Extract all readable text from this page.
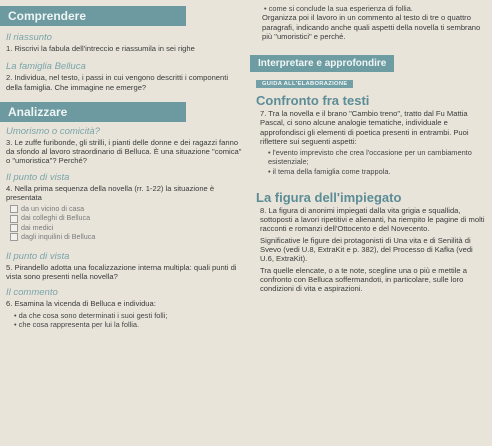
Comprendere
Il riassunto
1. Riscrivi la fabula dell'intreccio e riassumila in sei righe
La famiglia Belluca
2. Individua, nel testo, i passi in cui vengono descritti i componenti della famiglia. Che immagine ne emerge?
Analizzare
Umorismo o comicità?
3. Le zuffe furibonde, gli strilli, i pianti delle donne e dei ragazzi fanno da sfondo al lavoro straordinario di Belluca. È una situazione "comica" o "umoristica"? Perché?
Il punto di vista
4. Nella prima sequenza della novella (rr. 1-22) la situazione è presentata
da un vicino di casa
dai colleghi di Belluca
dai medici
dagli inquilini di Belluca
Il punto di vista
5. Pirandello adotta una focalizzazione interna multipla: quali punti di vista sono presenti nella novella?
Il commento
6. Esamina la vicenda di Belluca e individua:
• da che cosa sono determinati i suoi gesti folli;
• che cosa rappresenta per lui la follia.
• come si conclude la sua esperienza di follia.
Organizza poi il lavoro in un commento al testo di tre o quattro paragrafi, indicando anche quali aspetti della novella ti sembrano più "umoristici" e perché.
Interpretare e approfondire
GUIDA ALL'ELABORAZIONE
Confronto fra testi
7. Tra la novella e il brano "Cambio treno", tratto dal Fu Mattia Pascal, ci sono alcune analogie tematiche, individuale e approfondisci gli elementi di poetica presenti in entrambi. Puoi riflettere sui seguenti aspetti:
• l'evento imprevisto che crea l'occasione per un cambiamento esistenziale;
• il tema della famiglia come trappola.
La figura dell'impiegato
8. La figura di anonimi impiegati dalla vita grigia e squallida, sottoposti a lavori ripetitivi e alienanti, ha riempito le pagine di molti racconti e romanzi dell'Ottocento e del Novecento.
Significative le figure dei protagonisti di Una vita e di Senilità di Svevo (vedi U.8, ExtraKit e p. 382), del Processo di Kafka (vedi U.6, ExtraKit).
Tra quelle elencate, o a te note, scegline una o più e mettile a confronto con Belluca soffermandoti, in particolare, sulle loro condizioni di vita e aspirazioni.
